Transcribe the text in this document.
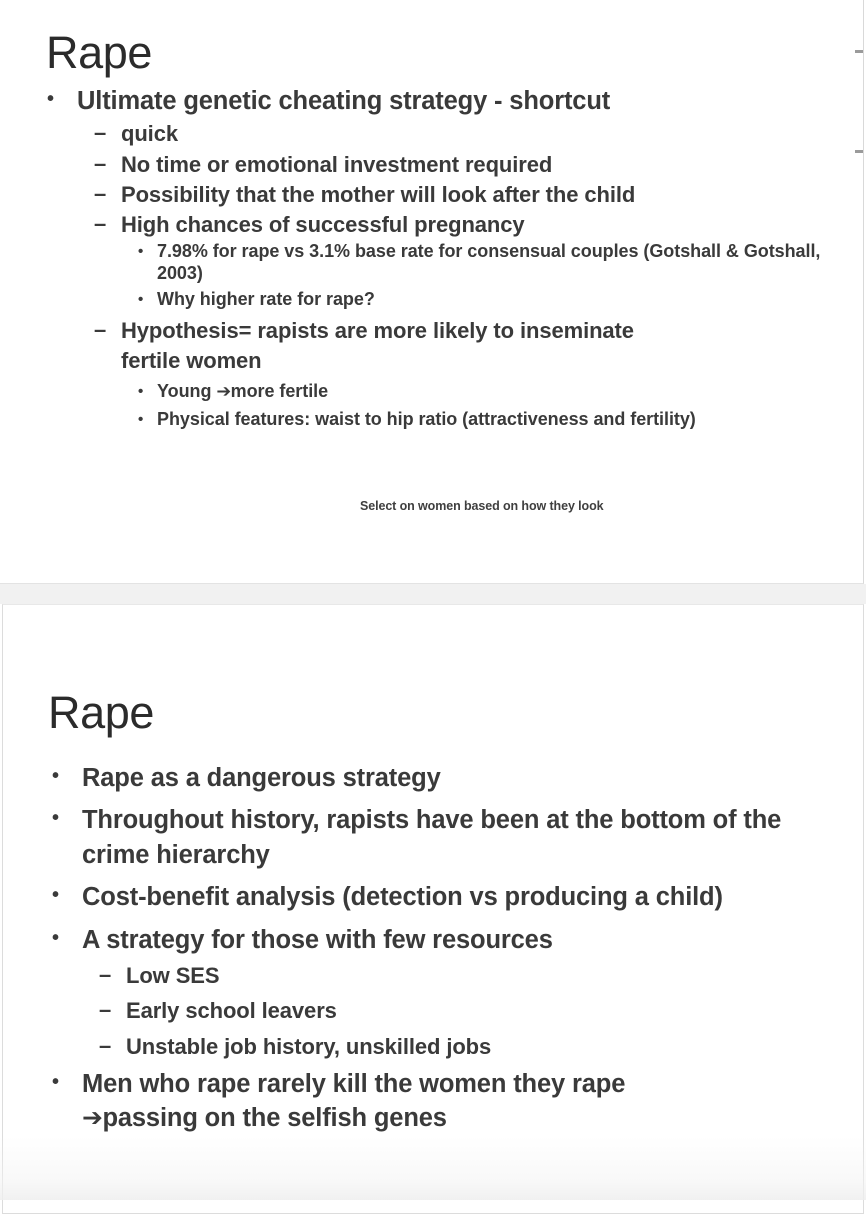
Rape
• Ultimate genetic cheating strategy - shortcut
– quick
– No time or emotional investment required
– Possibility that the mother will look after the child
– High chances of successful pregnancy
• 7.98% for rape vs 3.1% base rate for consensual couples (Gotshall & Gotshall, 2003)
• Why higher rate for rape?
– Hypothesis= rapists are more likely to inseminate
fertile women
• Young ➔more fertile
• Physical features: waist to hip ratio (attractiveness and fertility)
Select on women based on how they look
Rape
• Rape as a dangerous strategy
• Throughout history, rapists have been at the bottom of the crime hierarchy
• Cost-benefit analysis (detection vs producing a child)
• A strategy for those with few resources
– Low SES
– Early school leavers
– Unstable job history, unskilled jobs
• Men who rape rarely kill the women they rape
➔passing on the selfish genes
